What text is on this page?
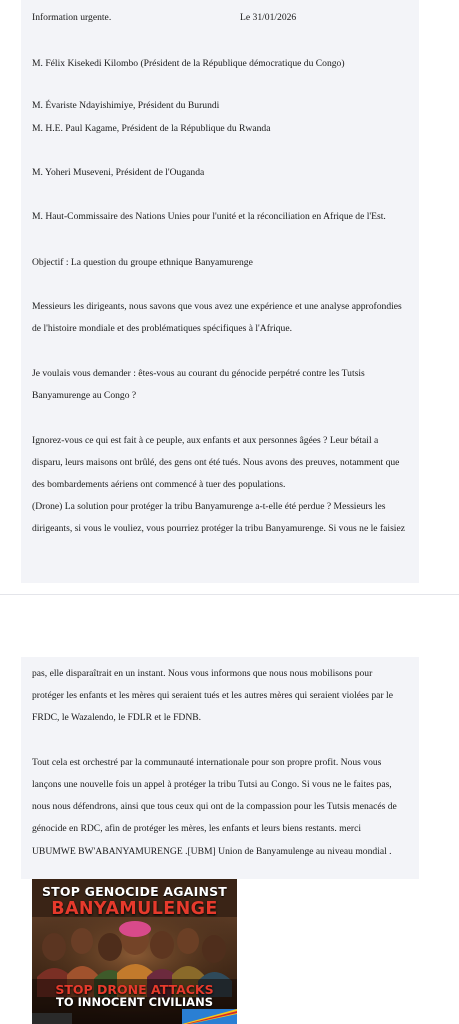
Information urgente.	Le 31/01/2026
M. Félix Kisekedi Kilombo (Président de la République démocratique du Congo)
M. Évariste Ndayishimiye, Président du Burundi
M. H.E. Paul Kagame, Président de la République du Rwanda
M. Yoheri Museveni, Président de l'Ouganda
M. Haut-Commissaire des Nations Unies pour l'unité et la réconciliation en Afrique de l'Est.
Objectif : La question du groupe ethnique Banyamurenge
Messieurs les dirigeants, nous savons que vous avez une expérience et une analyse approfondies
de l'histoire mondiale et des problématiques spécifiques à l'Afrique.
Je voulais vous demander : êtes-vous au courant du génocide perpétré contre les Tutsis
Banyamurenge au Congo ?
Ignorez-vous ce qui est fait à ce peuple, aux enfants et aux personnes âgées ? Leur bétail a
disparu, leurs maisons ont brûlé, des gens ont été tués. Nous avons des preuves, notamment que
des bombardements aériens ont commencé à tuer des populations.
(Drone) La solution pour protéger la tribu Banyamurenge a-t-elle été perdue ? Messieurs les
dirigeants, si vous le vouliez, vous pourriez protéger la tribu Banyamurenge. Si vous ne le faisiez
pas, elle disparaîtrait en un instant. Nous vous informons que nous nous mobilisons pour
protéger les enfants et les mères qui seraient tués et les autres mères qui seraient violées par le
FRDC, le Wazalendo, le FDLR et le FDNB.
Tout cela est orchestré par la communauté internationale pour son propre profit. Nous vous
lançons une nouvelle fois un appel à protéger la tribu Tutsi au Congo. Si vous ne le faites pas,
nous nous défendrons, ainsi que tous ceux qui ont de la compassion pour les Tutsis menacés de
génocide en RDC, afin de protéger les mères, les enfants et leurs biens restants. merci
UBUMWE BW'ABANYAMURENGE .[UBM] Union de Banyamulenge au niveau mondial .
STOP GENOCIDE AGAINST
BANYAMULENGE
STOP DRONE ATTACKS
TO INNOCENT CIVILIANS
